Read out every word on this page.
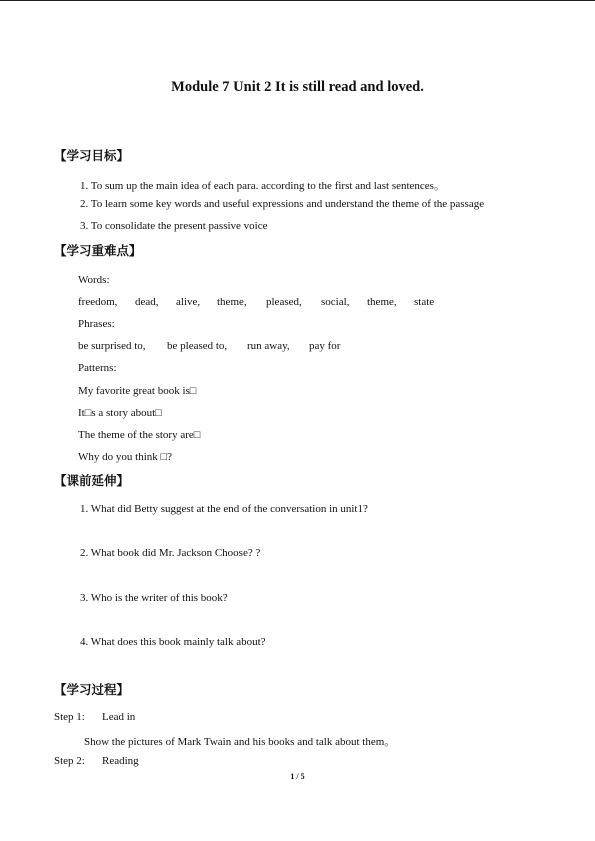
Module 7 Unit 2 It is still read and loved.
【学习目标】
1. To sum up the main idea of each para. according to the first and last sentences。
2. To learn some key words and useful expressions and understand the theme of the passage
3. To consolidate the present passive voice
【学习重难点】
Words:
freedom, dead, alive, theme, pleased, social, theme, state
Phrases:
be surprised to, be pleased to, run away, pay for
Patterns:
My favorite great book is□
It□s a story about□
The theme of the story are□
Why do you think □?
【课前延伸】
1. What did Betty suggest at the end of the conversation in unit1?
2. What book did Mr. Jackson Choose? ?
3. Who is the writer of this book?
4. What does this book mainly talk about?
【学习过程】
Step 1: Lead in
Show the pictures of Mark Twain and his books and talk about them。
Step 2: Reading
1 / 5
